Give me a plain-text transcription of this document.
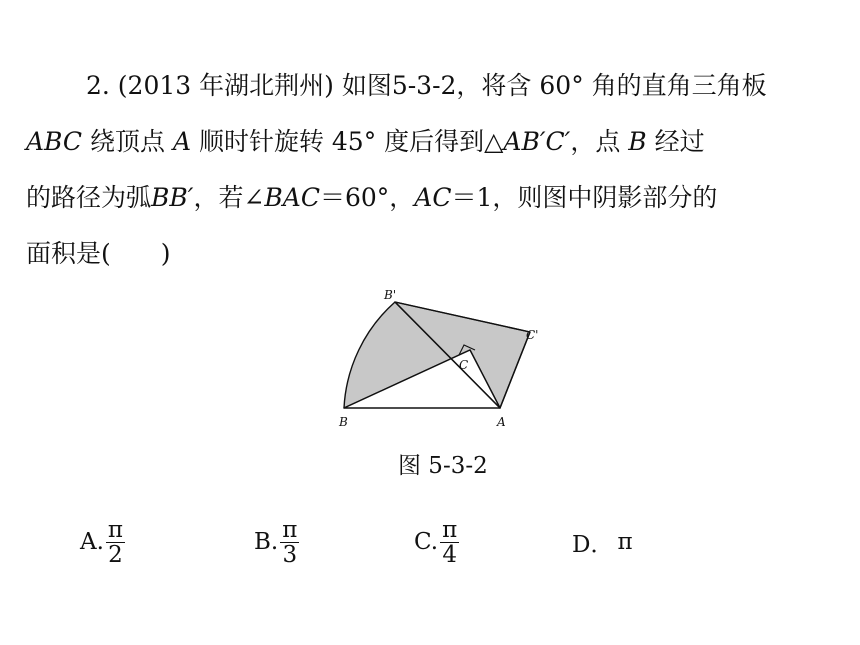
2. (2013 年湖北荆州) 如图5-3-2，将含 60° 角的直角三角板
ABC 绕顶点 A 顺时针旋转 45° 度后得到△AB′C′，点 B 经过
的路径为弧BB′，若∠BAC＝60°，AC＝1，则图中阴影部分的
面积是(　　)
B'
C'
C
B	A
图 5-3-2
A. $\frac{\pi}{2}$	B. $\frac{\pi}{3}$	C. $\frac{\pi}{4}$	D． π
